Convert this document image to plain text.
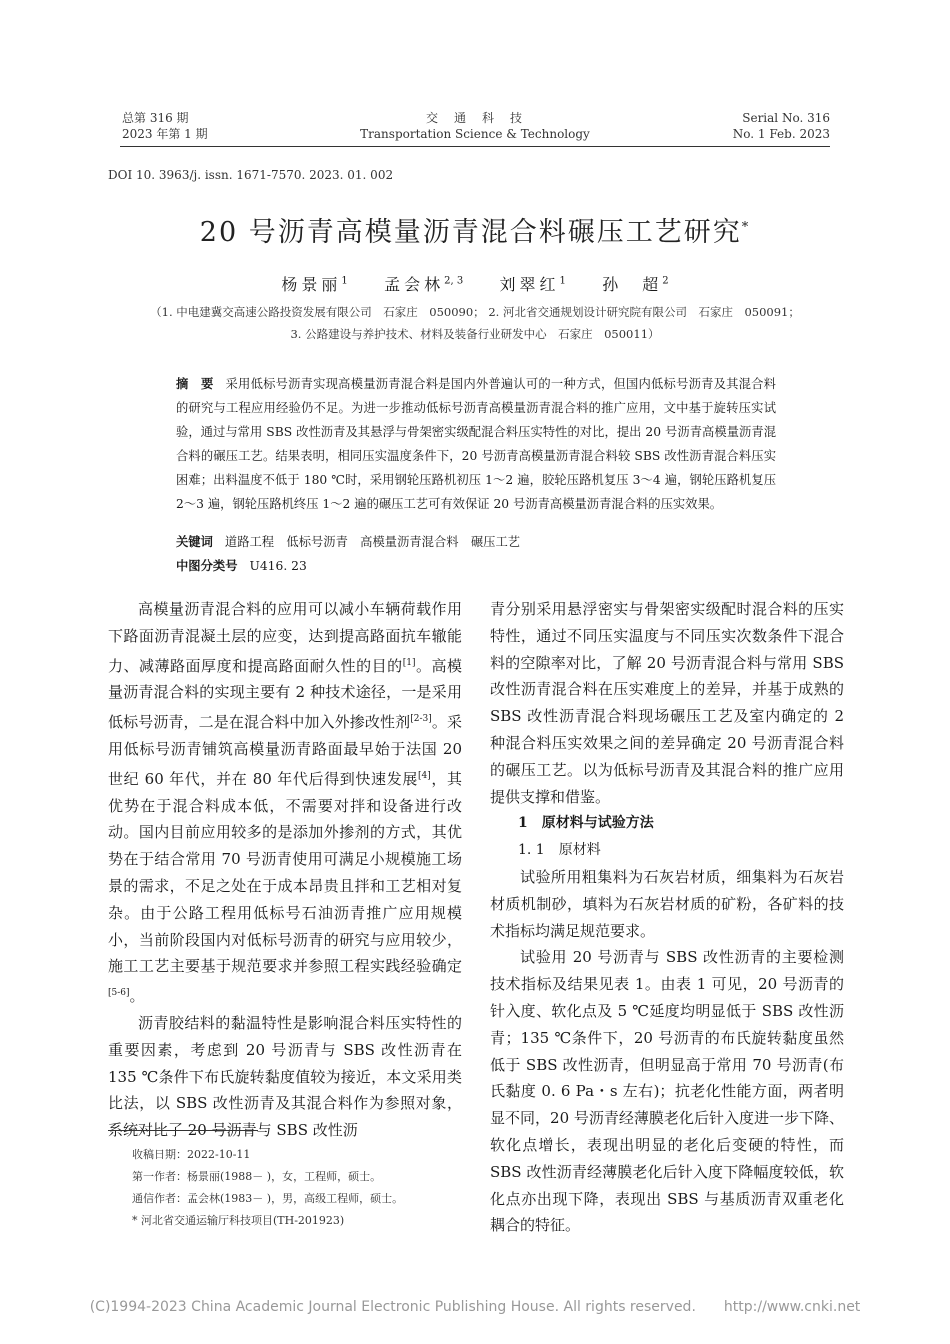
总第 316 期
2023 年第 1 期
交　通　科　技
Transportation Science & Technology
Serial No. 316
No. 1 Feb. 2023
DOI 10. 3963/j. issn. 1671-7570. 2023. 01. 002
20 号沥青高模量沥青混合料碾压工艺研究*
杨景丽$^1$ 孟会林$^{2, 3}$ 刘翠红$^1$ 孙　超$^2$
（1. 中电建冀交高速公路投资发展有限公司　石家庄　050090； 2. 河北省交通规划设计研究院有限公司　石家庄　050091；
3. 公路建设与养护技术、材料及装备行业研发中心　石家庄　050011）
摘　要 采用低标号沥青实现高模量沥青混合料是国内外普遍认可的一种方式，但国内低标号沥青及其混合料的研究与工程应用经验仍不足。为进一步推动低标号沥青高模量沥青混合料的推广应用，文中基于旋转压实试验，通过与常用 SBS 改性沥青及其悬浮与骨架密实级配混合料压实特性的对比，提出 20 号沥青高模量沥青混合料的碾压工艺。结果表明，相同压实温度条件下，20 号沥青高模量沥青混合料较 SBS 改性沥青混合料压实困难；出料温度不低于 180 ℃时，采用钢轮压路机初压 1～2 遍，胶轮压路机复压 3～4 遍，钢轮压路机复压 2～3 遍，钢轮压路机终压 1～2 遍的碾压工艺可有效保证 20 号沥青高模量沥青混合料的压实效果。
关键词 道路工程　低标号沥青　高模量沥青混合料　碾压工艺
中图分类号 U416. 23

高模量沥青混合料的应用可以减小车辆荷载作用下路面沥青混凝土层的应变，达到提高路面抗车辙能力、减薄路面厚度和提高路面耐久性的目的[1]。高模量沥青混合料的实现主要有 2 种技术途径，一是采用低标号沥青，二是在混合料中加入外掺改性剂[2-3]。采用低标号沥青铺筑高模量沥青路面最早始于法国 20 世纪 60 年代，并在 80 年代后得到快速发展[4]，其优势在于混合料成本低，不需要对拌和设备进行改动。国内目前应用较多的是添加外掺剂的方式，其优势在于结合常用 70 号沥青使用可满足小规模施工场景的需求，不足之处在于成本昂贵且拌和工艺相对复杂。由于公路工程用低标号石油沥青推广应用规模小，当前阶段国内对低标号沥青的研究与应用较少，施工工艺主要基于规范要求并参照工程实践经验确定[5-6]。

沥青胶结料的黏温特性是影响混合料压实特性的重要因素，考虑到 20 号沥青与 SBS 改性沥青在 135 ℃条件下布氏旋转黏度值较为接近，本文采用类比法，以 SBS 改性沥青及其混合料作为参照对象，系统对比了 20 号沥青与 SBS 改性沥

青分别采用悬浮密实与骨架密实级配时混合料的压实特性，通过不同压实温度与不同压实次数条件下混合料的空隙率对比，了解 20 号沥青混合料与常用 SBS 改性沥青混合料在压实难度上的差异，并基于成熟的 SBS 改性沥青混合料现场碾压工艺及室内确定的 2 种混合料压实效果之间的差异确定 20 号沥青混合料的碾压工艺。以为低标号沥青及其混合料的推广应用提供支撑和借鉴。

1　原材料与试验方法

1. 1　原材料

试验所用粗集料为石灰岩材质，细集料为石灰岩材质机制砂，填料为石灰岩材质的矿粉，各矿料的技术指标均满足规范要求。

试验用 20 号沥青与 SBS 改性沥青的主要检测技术指标及结果见表 1。由表 1 可见，20 号沥青的针入度、软化点及 5 ℃延度均明显低于 SBS 改性沥青；135 ℃条件下，20 号沥青的布氏旋转黏度虽然低于 SBS 改性沥青，但明显高于常用 70 号沥青(布氏黏度 0. 6 Pa・s 左右)；抗老化性能方面，两者明显不同，20 号沥青经薄膜老化后针入度进一步下降、软化点增长，表现出明显的老化后变硬的特性，而 SBS 改性沥青经薄膜老化后针入度下降幅度较低，软化点亦出现下降，表现出 SBS 与基质沥青双重老化耦合的特征。

收稿日期：2022-10-11
第一作者：杨景丽(1988－ )，女，工程师，硕士。
通信作者：孟会林(1983－ )，男，高级工程师，硕士。
* 河北省交通运输厅科技项目(TH-201923)
(C)1994-2023 China Academic Journal Electronic Publishing House. All rights reserved.　　http://www.cnki.net
